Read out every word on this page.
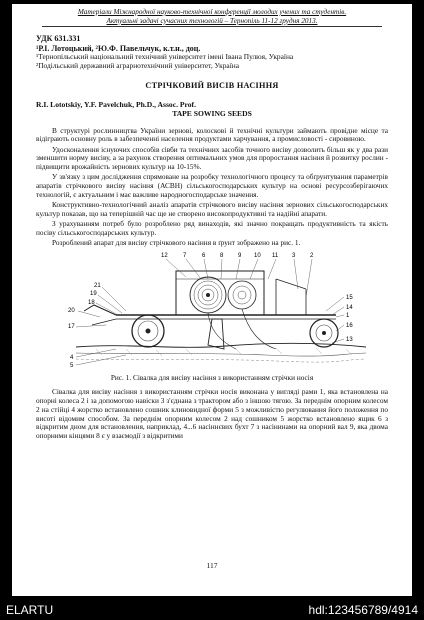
Матеріали Міжнародної науково-технічної конференції молодих учених та студентів.
Актуальні задачі сучасних технологій – Тернопіль 11-12 грудня 2013.
УДК 631.331
¹Р.І. Лотоцький, ²Ю.Ф. Павельчук, к.т.н., доц.
¹Тернопільський національний технічний університет імені Івана Пулюя, Україна
²Подільський державний аграрнотехнічний університет, Україна
СТРІЧКОВИЙ ВИСІВ НАСІННЯ
R.I. Lototskiy, Y.F. Pavelchuk, Ph.D., Assoc. Prof.
TAPE SOWING SEEDS

В структурі рослинництва України зернові, колоскові й технічні культури займають провідне місце та відіграють основну роль в забезпеченні населення продуктами харчування, а промисловості - сировиною.

Удосконалення існуючих способів сівби та технічних засобів точного висіву дозволить більш як у два рази зменшити норму висіву, а за рахунок створення оптимальних умов для проростання насіння й розвитку рослин - підвищити врожайність зернових культур на 10-15%.

У зв'язку з цим дослідження спрямоване на розробку технологічного процесу та обґрунтування параметрів апаратів стрічкового висіву насіння (АСВН) сільськогосподарських культур на основі ресурсозберігаючих технологій, є актуальним і має важливе народногосподарське значення.

Конструктивно-технологічний аналіз апаратів стрічкового висіву насіння зернових сільськогосподарських культур показав, що на теперішній час ще не створено високопродуктивні та надійні апарати.

З урахуванням потреб було розроблено ряд винаходів, які значно покращать продуктивність та якість посіву сільськогосподарських культур.

Розроблений апарат для висіву стрічкового насіння в ґрунт зображено на рис. 1.

12	7	6 8 9 10 11 3 2
21
19
18
20
17
4
5
15
14
1
16
13
Рис. 1. Сівалка для висіву насіння з використанням стрічки носія

Сівалка для висіву насіння з використанням стрічки носія виконана у вигляді рами 1, яка встановлена на опорні колеса 2 і за допомогою навіски 3 з'єднана з трактором або з іншою тягою. За переднім опорним колесом 2 на стійці 4 жорстко встановлено сошник клиновидної форми 5 з можливістю регулювання його положення по висоті відомим способом. За переднім опорним колесом 2 над сошником 5 жорстко встановлено ящик 6 з відкритим дном для встановлення, наприклад, 4...6 насіннєвих бухт 7 з насінинами на опорний вал 9, яка двома опорними кінцями 8 є у взаємодії з відкритими

117
ELARTU	hdl:123456789/4914
